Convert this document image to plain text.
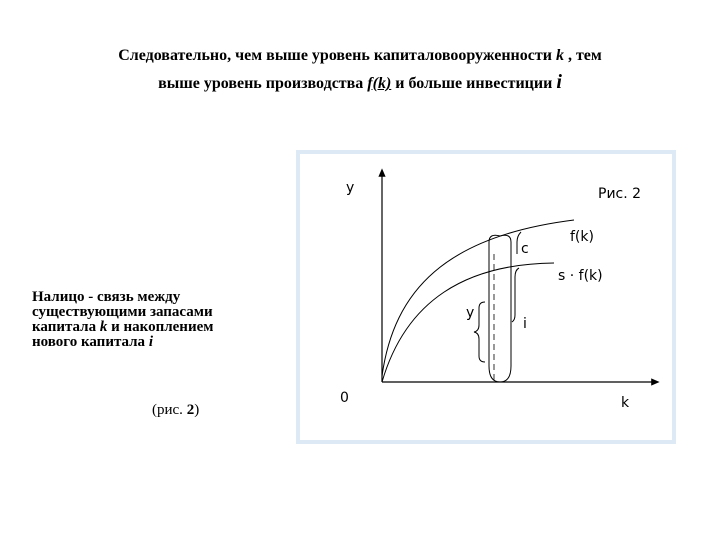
Следовательно, чем выше уровень капиталовооруженности k , тем
выше уровень производства f(k) и больше инвестиции i
Налицо - связь между существующими запасами капитала k и накоплением нового капитала i
(рис. 2)
y
k
0
Рис. 2
f(k)
s · f(k)
c
i
y
